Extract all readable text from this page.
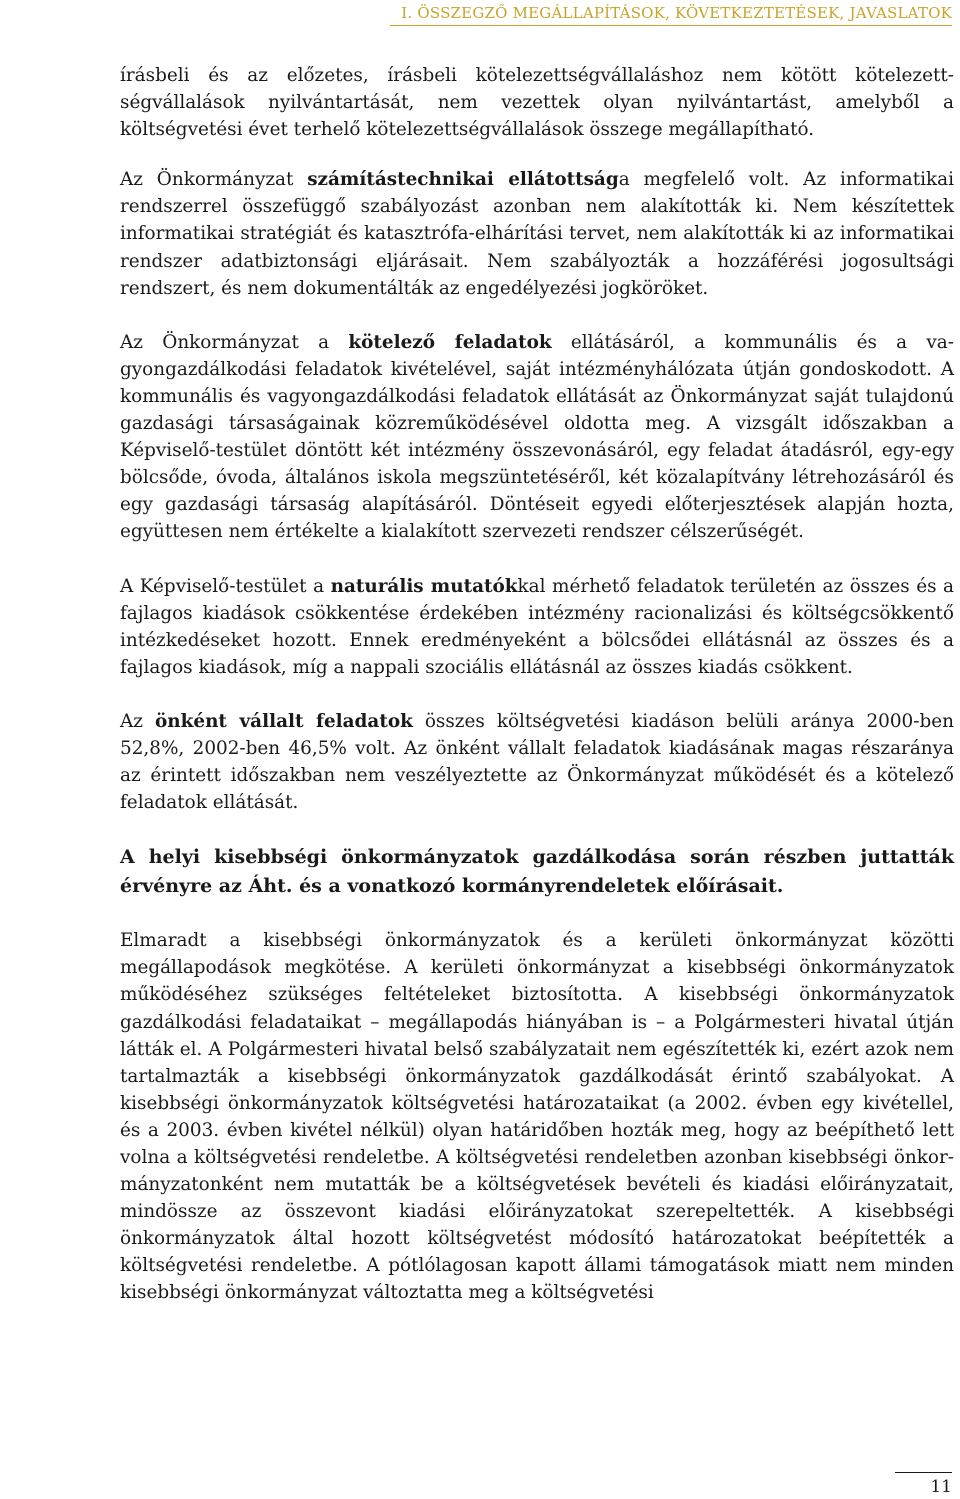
I. ÖSSZEGZŐ MEGÁLLAPÍTÁSOK, KÖVETKEZTETÉSEK, JAVASLATOK

írásbeli és az előzetes, írásbeli kötelezettségvállaláshoz nem kötött kötelezettségvállalások nyilvántartását, nem vezettek olyan nyilvántartást, amelyből a költségvetési évet terhelő kötelezettségvállalások összege megállapítható.

Az Önkormányzat számítástechnikai ellátottsága megfelelő volt. Az informatikai rendszerrel összefüggő szabályozást azonban nem alakították ki. Nem készítettek informatikai stratégiát és katasztrófa-elhárítási tervet, nem alakították ki az informatikai rendszer adatbiztonsági eljárásait. Nem szabályozták a hozzáférési jogosultsági rendszert, és nem dokumentálták az engedélyezési jogköröket.

Az Önkormányzat a kötelező feladatok ellátásáról, a kommunális és a vagyongazdálkodási feladatok kivételével, saját intézményhálózata útján gondoskodott. A kommunális és vagyongazdálkodási feladatok ellátását az Önkormányzat saját tulajdonú gazdasági társaságainak közreműködésével oldotta meg. A vizsgált időszakban a Képviselő-testület döntött két intézmény összevonásáról, egy feladat átadásról, egy-egy bölcsőde, óvoda, általános iskola megszüntetéséről, két közalapítvány létrehozásáról és egy gazdasági társaság alapításáról. Döntéseit egyedi előterjesztések alapján hozta, együttesen nem értékelte a kialakított szervezeti rendszer célszerűségét.

A Képviselő-testület a naturális mutatókkal mérhető feladatok területén az összes és a fajlagos kiadások csökkentése érdekében intézmény racionalizási és költségcsökkentő intézkedéseket hozott. Ennek eredményeként a bölcsődei ellátásnál az összes és a fajlagos kiadások, míg a nappali szociális ellátásnál az összes kiadás csökkent.

Az önként vállalt feladatok összes költségvetési kiadáson belüli aránya 2000-ben 52,8%, 2002-ben 46,5% volt. Az önként vállalt feladatok kiadásának magas részaránya az érintett időszakban nem veszélyeztette az Önkormányzat működését és a kötelező feladatok ellátását.

A helyi kisebbségi önkormányzatok gazdálkodása során részben juttatták érvényre az Áht. és a vonatkozó kormányrendeletek előírásait.

Elmaradt a kisebbségi önkormányzatok és a kerületi önkormányzat közötti megállapodások megkötése. A kerületi önkormányzat a kisebbségi önkormányzatok működéséhez szükséges feltételeket biztosította. A kisebbségi önkormányzatok gazdálkodási feladataikat – megállapodás hiányában is – a Polgármesteri hivatal útján látták el. A Polgármesteri hivatal belső szabályzatait nem egészítették ki, ezért azok nem tartalmazták a kisebbségi önkormányzatok gazdálkodását érintő szabályokat. A kisebbségi önkormányzatok költségvetési határozataikat (a 2002. évben egy kivétellel, és a 2003. évben kivétel nélkül) olyan határidőben hozták meg, hogy az beépíthető lett volna a költségvetési rendeletbe. A költségvetési rendeletben azonban kisebbségi önkormányzatonként nem mutatták be a költségvetések bevételi és kiadási előirányzatait, mindössze az összevont kiadási előirányzatokat szerepeltették. A kisebbségi önkormányzatok által hozott költségvetést módosító határozatokat beépítették a költségvetési rendeletbe. A pótlólagosan kapott állami támogatások miatt nem minden kisebbségi önkormányzat változtatta meg a költségvetési

11
